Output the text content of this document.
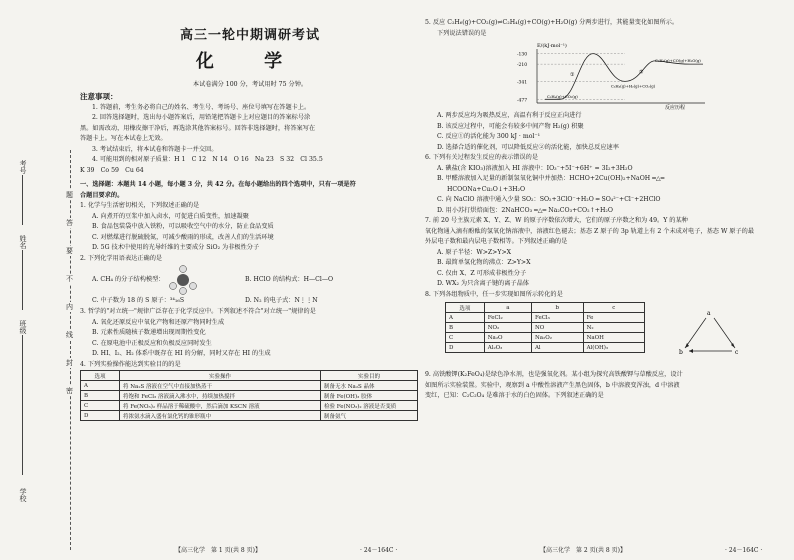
考号
姓名
班级
学校
题
答
要
不
内
线
封
密
高三一轮中期调研考试
化 学
本试卷满分 100 分，考试用时 75 分钟。
注意事项：
1. 答题前，考生务必将自己的姓名、考生号、考场号、座位号填写在答题卡上。
2. 回答选择题时，选出每小题答案后，用铅笔把答题卡上对应题目的答案标号涂
黑。如需改动，用橡皮擦干净后，再选涂其他答案标号。回答非选择题时，将答案写在
答题卡上。写在本试卷上无效。
3. 考试结束后，将本试卷和答题卡一并交回。
4. 可能用到的相对原子质量：H 1　C 12　N 14　O 16　Na 23　S 32　Cl 35.5
K 39　Co 59　Cu 64
一、选择题：本题共 14 小题，每小题 3 分，共 42 分。在每小题给出的四个选项中，只有一项是符
合题目要求的。
1. 化学与生活密切相关，下列叙述正确的是
A. 向煮开的豆浆中加入卤水，可促进白质变性，加速凝聚
B. 食品包装袋中放入铁粉，可以吸收空气中的水分，防止食品变质
C. 对燃煤进行脱硫脱氮，可减少酸雨的形成，改善人们的生活环境
D. 5G 技术中使用的光导纤维的主要成分 SiO₂ 为非极性分子
2. 下列化学用语表达正确的是
A. CH₄ 的分子结构模型：	B. HClO 的结构式：H—Cl—O
C. 中子数为 18 的 S 原子：³⁴₁₆S	D. N₂ 的电子式：N⋮⋮N
3. 哲学的"对立统一"规律广泛存在于化学反应中。下列叙述不符合"对立统一"规律的是
A. 氧化还原反应中氧化产物和还原产物同时生成
B. 元素性质随核子数递增出现周期性变化
C. 在原电池中正极反应和负极反应同时发生
D. HI、I₂、H₂ 体系中既存在 HI 的分解，同时又存在 HI 的生成
4. 下列实验操作能达到实验目的的是
选项	实验操作	实验目的
A	将 Na₂S 溶液在空气中直接加热蒸干	制备无水 Na₂S 晶体
B	将饱和 FeCl₃ 溶液滴入沸水中，持续加热搅拌	制备 Fe(OH)₃ 胶体
C	将 Fe(NO₃)₂ 样品溶于稀硫酸中，然后滴加 KSCN 溶液	检验 Fe(NO₃)₂ 溶液是否变质
D	将浓氨水滴入盛有氯化钙的锥形瓶中	制备氨气
【高三化学　第 1 页(共 8 页)】	· 24－164C ·
5. 反应 C₂H₆(g)+CO₂(g)⇌C₂H₄(g)+CO(g)+H₂O(g) 分两步进行，其能量变化如图所示。
下列说法错误的是
E/(kJ·mol⁻¹)
反应历程
-130
-210
-341
-477
C₂H₆(g)+CO₂(g)
C₂H₄(g)+H₂(g)+CO₂(g)
C₂H₄(g)+CO(g)+H₂O(g)
①	②
A. 两步反应均为吸热反应，高温有利于反应正向进行
B. 该反应过程中，可能会有较多中间产物 H₂(g) 积聚
C. 反应①的活化能为 300 kJ · mol⁻¹
D. 选择合适的催化剂，可以降低反应②的活化能，加快总反应速率
6. 下列有关过程发生反应的表示错误的是
A. 碘盐(含 KIO₃)溶液加入 HI 溶液中：IO₃⁻+5I⁻+6H⁺ = 3I₂+3H₂O
B. 甲醛溶液加入足量的新制氢氧化铜中并加热：HCHO+2Cu(OH)₂+NaOH ═△═
HCOONa+Cu₂O↓+3H₂O
C. 向 NaClO 溶液中通入少量 SO₂：SO₂+3ClO⁻+H₂O ═ SO₄²⁻+Cl⁻+2HClO
D. 用小苏打烘焙面包：2NaHCO₃ ═△═ Na₂CO₃+CO₂↑+H₂O
7. 前 20 号主族元素 X、Y、Z、W 的原子序数依次增大，它们的原子序数之和为 49。Y 的某种
氧化物通入滴有酚酞的氢氧化钠溶液中，溶液红色褪去；基态 Z 原子的 3p 轨道上有 2 个未成对电子，基态 W 原子的最
外层电子数和最内层电子数相等。下列叙述正确的是
A. 原子半径：W>Z>Y>X
B. 最简单氢化物的沸点：Z>Y>X
C. 仅由 X、Z 可形成非极性分子
D. WX₂ 为只含离子键的离子晶体
8. 下列各组物质中，任一步实现如图所示转化的是
选项	a	b	c
A	FeCl₂	FeCl₃	Fe
B	NO₂	NO	N₂
C	Na₂O	Na₂O₂	NaOH
D	Al₂O₃	Al	Al(OH)₃
a
b	c
9. 高铁酸钾(K₂FeO₄)是绿色净水剂，也是强氧化剂。某小组为探究高铁酸钾与草酸反应，设计
如图所示实验装置。实验中，观察到 a 中酸性溶液产生黑色固体，b 中溶液变浑浊，d 中溶液
变红，已知：C₂C₂O₄ 是难溶于水的白色固体。下列叙述正确的是
【高三化学　第 2 页(共 8 页)】	· 24－164C ·
